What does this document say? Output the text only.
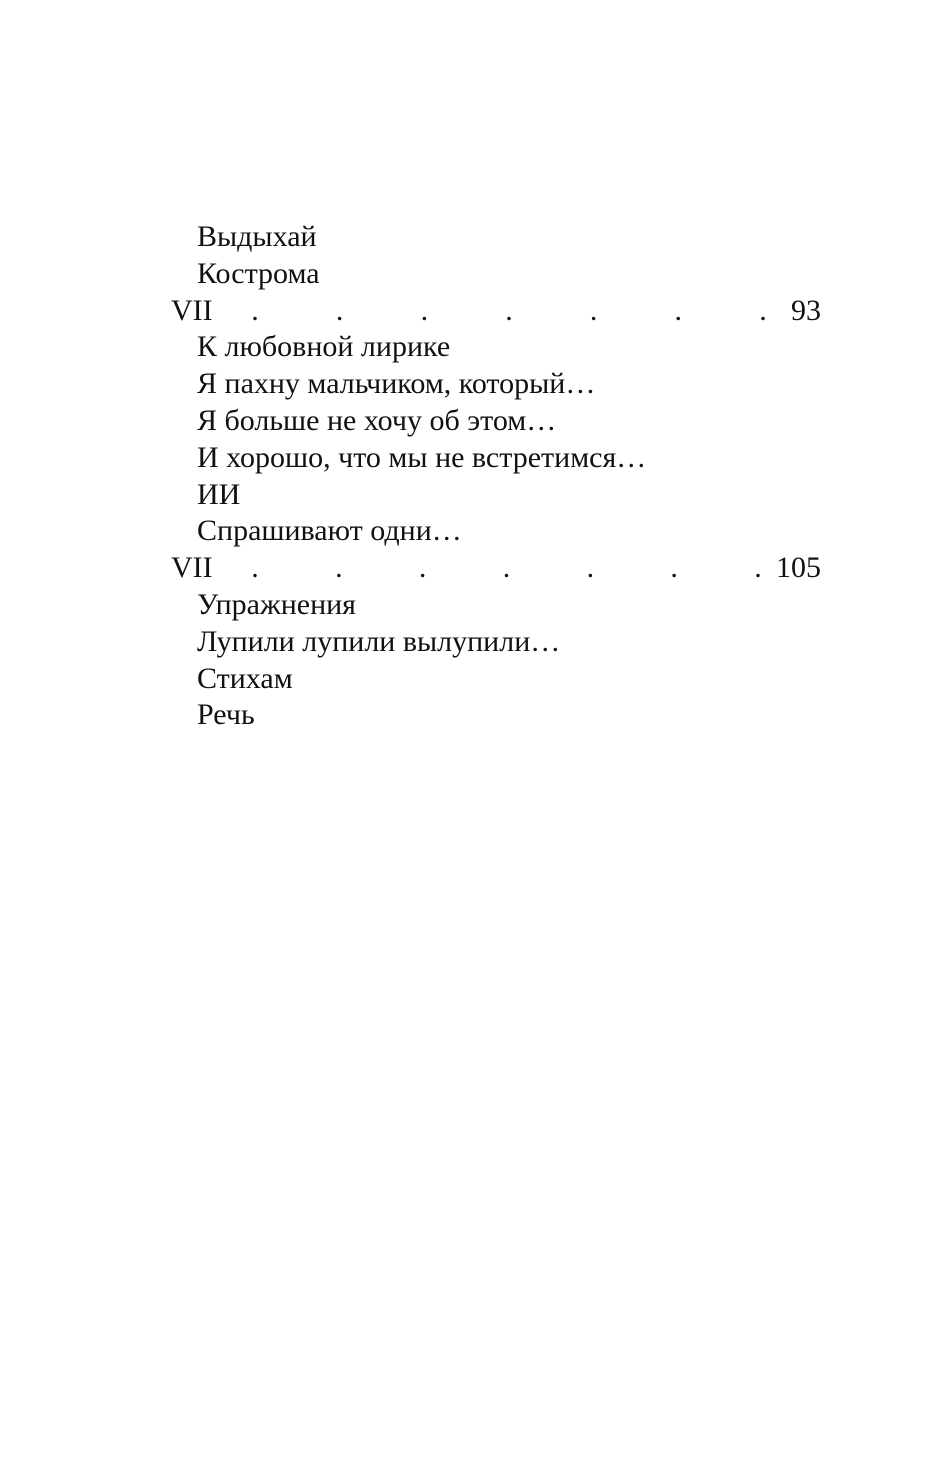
Выдыхай
Кострома
VII	.	.	.	.	.	.	. 93
К любовной лирике
Я пахну мальчиком, который…
Я больше не хочу об этом…
И хорошо, что мы не встретимся…
ИИ
Спрашивают одни…
VII	.	.	.	.	.	.	. 105
Упражнения
Лупили лупили вылупили…
Стихам
Речь
